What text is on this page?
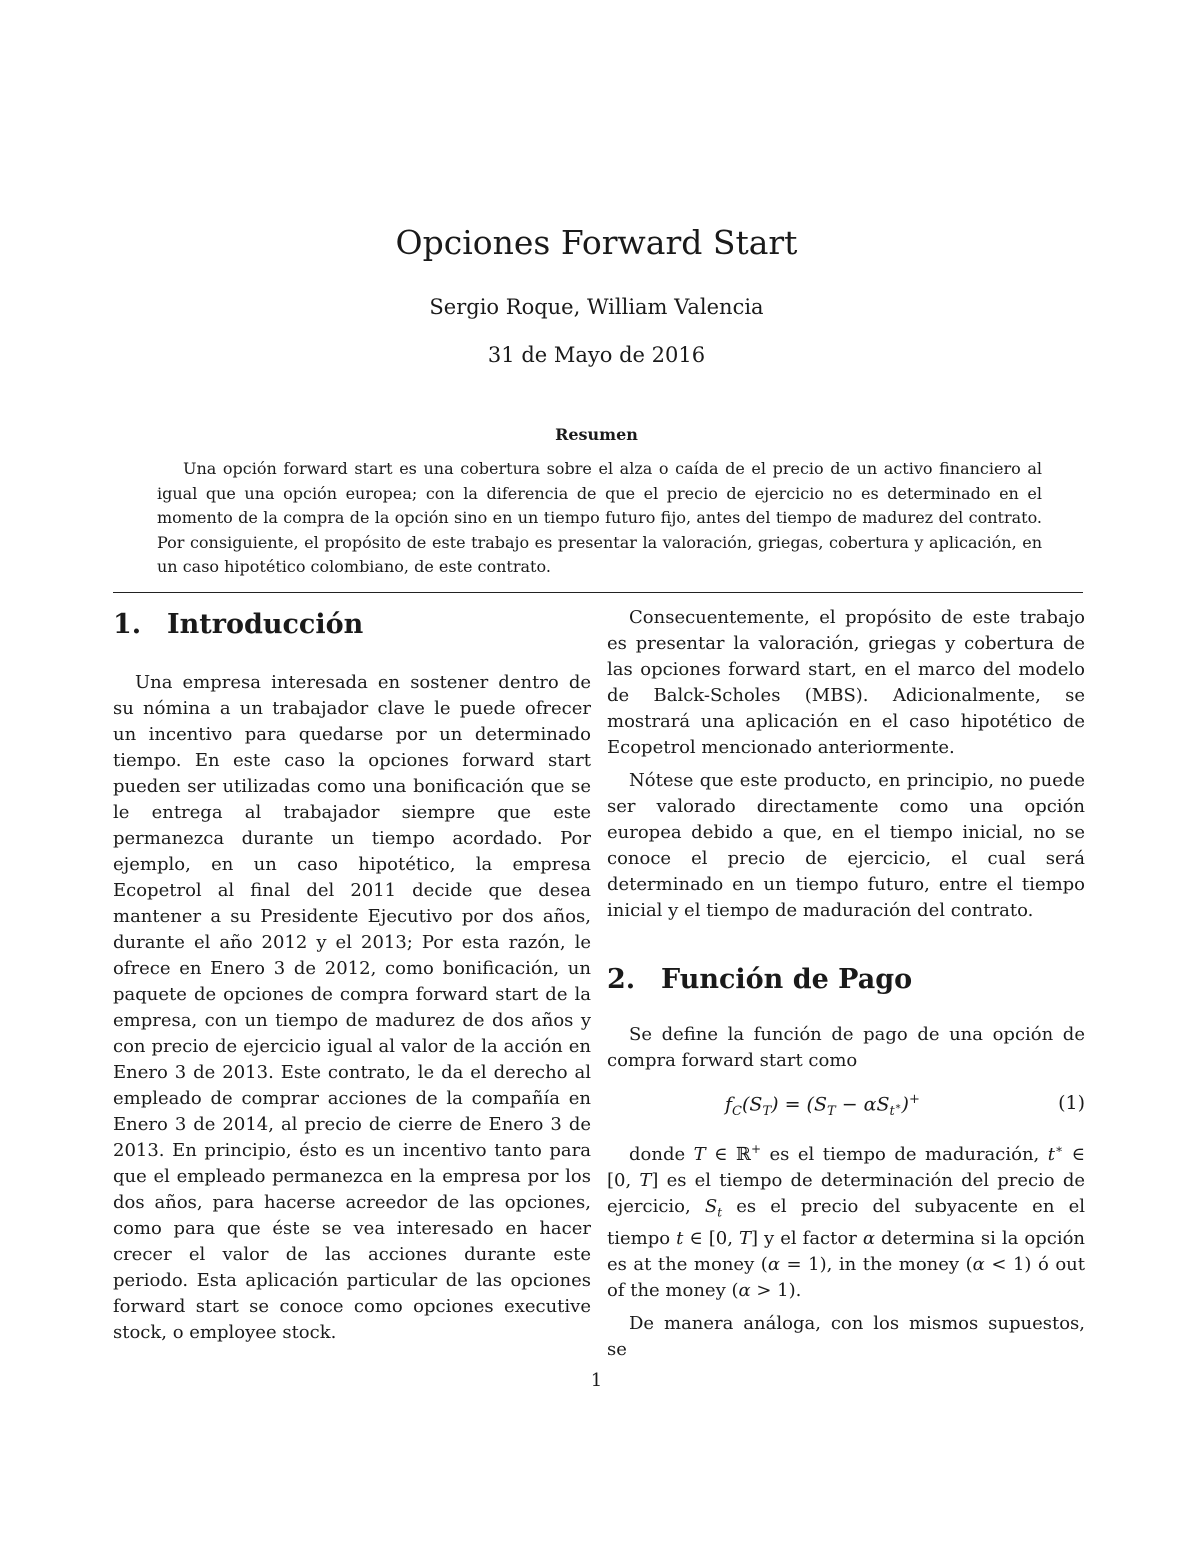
Opciones Forward Start
Sergio Roque, William Valencia
31 de Mayo de 2016
Resumen

Una opción forward start es una cobertura sobre el alza o caída de el precio de un activo financiero al igual que una opción europea; con la diferencia de que el precio de ejercicio no es determinado en el momento de la compra de la opción sino en un tiempo futuro fijo, antes del tiempo de madurez del contrato. Por consiguiente, el propósito de este trabajo es presentar la valoración, griegas, cobertura y aplicación, en un caso hipotético colombiano, de este contrato.

1. Introducción

Una empresa interesada en sostener dentro de su nómina a un trabajador clave le puede ofrecer un incentivo para quedarse por un determinado tiempo. En este caso la opciones forward start pueden ser utilizadas como una bonificación que se le entrega al trabajador siempre que este permanezca durante un tiempo acordado. Por ejemplo, en un caso hipotético, la empresa Ecopetrol al final del 2011 decide que desea mantener a su Presidente Ejecutivo por dos años, durante el año 2012 y el 2013; Por esta razón, le ofrece en Enero 3 de 2012, como bonificación, un paquete de opciones de compra forward start de la empresa, con un tiempo de madurez de dos años y con precio de ejercicio igual al valor de la acción en Enero 3 de 2013. Este contrato, le da el derecho al empleado de comprar acciones de la compañía en Enero 3 de 2014, al precio de cierre de Enero 3 de 2013. En principio, ésto es un incentivo tanto para que el empleado permanezca en la empresa por los dos años, para hacerse acreedor de las opciones, como para que éste se vea interesado en hacer crecer el valor de las acciones durante este periodo. Esta aplicación particular de las opciones forward start se conoce como opciones executive stock, o employee stock.

Consecuentemente, el propósito de este trabajo es presentar la valoración, griegas y cobertura de las opciones forward start, en el marco del modelo de Balck-Scholes (MBS). Adicionalmente, se mostrará una aplicación en el caso hipotético de Ecopetrol mencionado anteriormente.

Nótese que este producto, en principio, no puede ser valorado directamente como una opción europea debido a que, en el tiempo inicial, no se conoce el precio de ejercicio, el cual será determinado en un tiempo futuro, entre el tiempo inicial y el tiempo de maduración del contrato.

2. Función de Pago

Se define la función de pago de una opción de compra forward start como

$f_C(S_T) = (S_T - \alpha S_{t^∗})^+$	(1)

donde T ∈ ℝ+ es el tiempo de maduración, t∗ ∈ [0, T] es el tiempo de determinación del precio de ejercicio, $S_t$ es el precio del subyacente en el tiempo t ∈ [0, T] y el factor α determina si la opción es at the money (α = 1), in the money (α < 1) ó out of the money (α > 1).

De manera análoga, con los mismos supuestos, se

1
